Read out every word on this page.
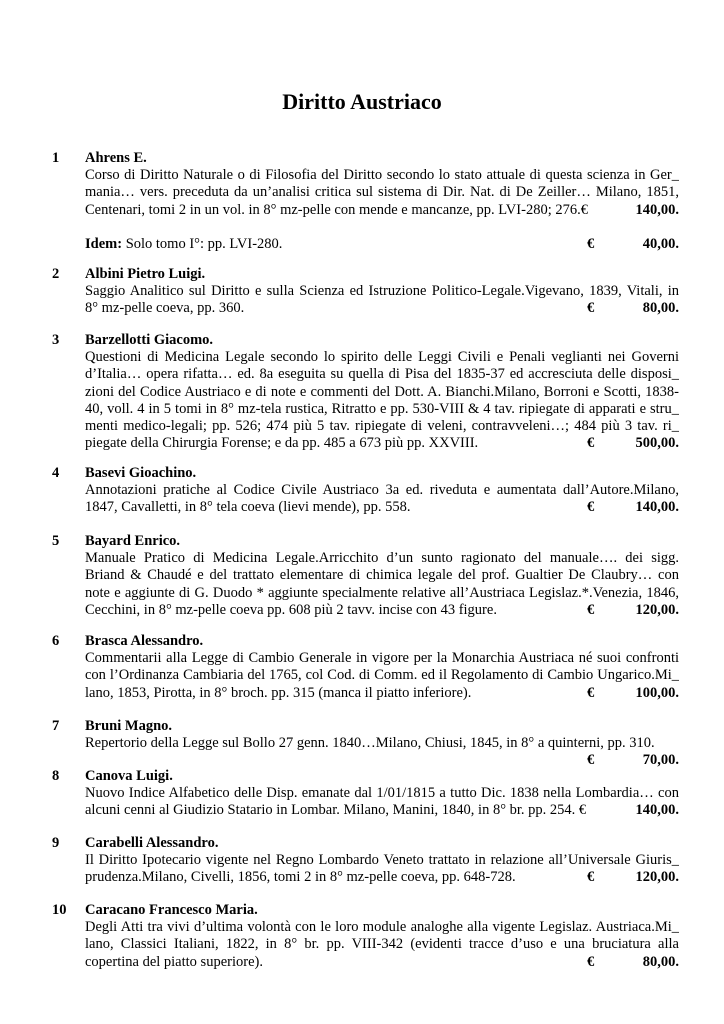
Diritto Austriaco
1 Ahrens E.
Corso di Diritto Naturale o di Filosofia del Diritto secondo lo stato attuale di questa scienza in Ger_
mania… vers. preceduta da un’analisi critica sul sistema di Dir. Nat. di De Zeiller… Milano, 1851,
Centenari, tomi 2 in un vol. in 8° mz-pelle con mende e mancanze, pp. LVI-280; 276.€	140,00.
Idem: Solo tomo I°: pp. LVI-280.	€	40,00.
2 Albini Pietro Luigi.
Saggio Analitico sul Diritto e sulla Scienza ed Istruzione Politico-Legale.Vigevano, 1839, Vitali, in
8° mz-pelle coeva, pp. 360.	€	80,00.
3 Barzellotti Giacomo.
Questioni di Medicina Legale secondo lo spirito delle Leggi Civili e Penali veglianti nei Governi
d’Italia… opera rifatta… ed. 8a eseguita su quella di Pisa del 1835-37 ed accresciuta delle disposi_
zioni del Codice Austriaco e di note e commenti del Dott. A. Bianchi.Milano, Borroni e Scotti, 1838-
40, voll. 4 in 5 tomi in 8° mz-tela rustica, Ritratto e pp. 530-VIII & 4 tav. ripiegate di apparati e stru_
menti medico-legali; pp. 526; 474 più 5 tav. ripiegate di veleni, contravveleni…; 484 più 3 tav. ri_
piegate della Chirurgia Forense; e da pp. 485 a 673 più pp. XXVIII.	€	500,00.
4 Basevi Gioachino.
Annotazioni pratiche al Codice Civile Austriaco 3a ed. riveduta e aumentata dall’Autore.Milano,
1847, Cavalletti, in 8° tela coeva (lievi mende), pp. 558.	€	140,00.
5 Bayard Enrico.
Manuale Pratico di Medicina Legale.Arricchito d’un sunto ragionato del manuale…. dei sigg.
Briand & Chaudé e del trattato elementare di chimica legale del prof. Gualtier De Claubry… con
note e aggiunte di G. Duodo * aggiunte specialmente relative all’Austriaca Legislaz.*.Venezia, 1846,
Cecchini, in 8° mz-pelle coeva pp. 608 più 2 tavv. incise con 43 figure.	€	120,00.
6 Brasca Alessandro.
Commentarii alla Legge di Cambio Generale in vigore per la Monarchia Austriaca né suoi confronti
con l’Ordinanza Cambiaria del 1765, col Cod. di Comm. ed il Regolamento di Cambio Ungarico.Mi_
lano, 1853, Pirotta, in 8° broch. pp. 315 (manca il piatto inferiore).	€	100,00.
7 Bruni Magno.
Repertorio della Legge sul Bollo 27 genn. 1840…Milano, Chiusi, 1845, in 8° a quinterni, pp. 310.
€	70,00.
8 Canova Luigi.
Nuovo Indice Alfabetico delle Disp. emanate dal 1/01/1815 a tutto Dic. 1838 nella Lombardia… con
alcuni cenni al Giudizio Statario in Lombar. Milano, Manini, 1840, in 8° br. pp. 254. €	140,00.
9 Carabelli Alessandro.
Il Diritto Ipotecario vigente nel Regno Lombardo Veneto trattato in relazione all’Universale Giuris_
prudenza.Milano, Civelli, 1856, tomi 2 in 8° mz-pelle coeva, pp. 648-728.	€	120,00.
10 Caracano Francesco Maria.
Degli Atti tra vivi d’ultima volontà con le loro module analoghe alla vigente Legislaz. Austriaca.Mi_
lano, Classici Italiani, 1822, in 8° br. pp. VIII-342 (evidenti tracce d’uso e una bruciatura alla
copertina del piatto superiore).	€	80,00.
